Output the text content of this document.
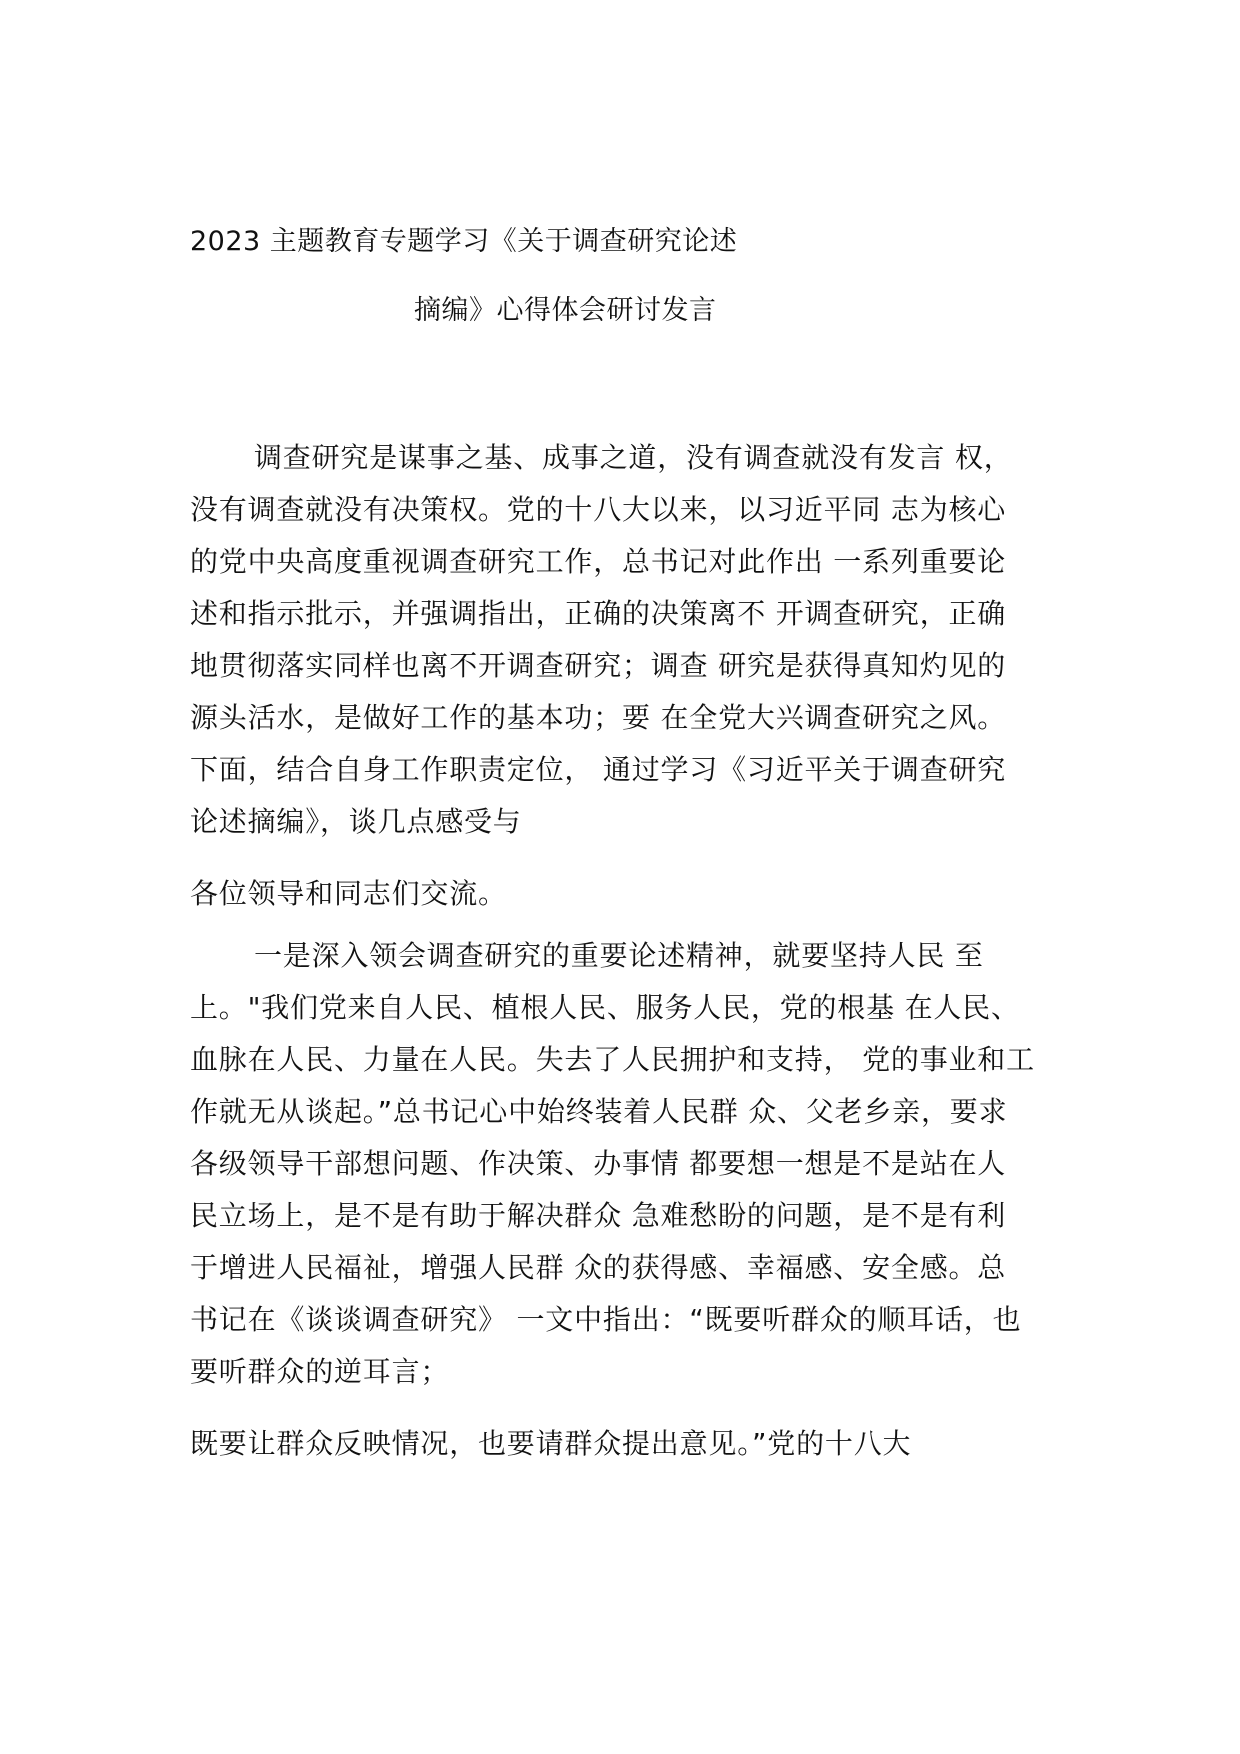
2023 主题教育专题学习《关于调查研究论述
摘编》心得体会研讨发言
调查研究是谋事之基、成事之道，没有调查就没有发言 权，
没有调查就没有决策权。党的十八大以来，以习近平同 志为核心
的党中央高度重视调查研究工作，总书记对此作出 一系列重要论
述和指示批示，并强调指出，正确的决策离不 开调查研究，正确
地贯彻落实同样也离不开调查研究；调查 研究是获得真知灼见的
源头活水，是做好工作的基本功；要 在全党大兴调查研究之风。
下面，结合自身工作职责定位， 通过学习《习近平关于调查研究
论述摘编》，谈几点感受与
各位领导和同志们交流。
一是深入领会调查研究的重要论述精神，就要坚持人民 至
上。"我们党来自人民、植根人民、服务人民，党的根基 在人民、
血脉在人民、力量在人民。失去了人民拥护和支持， 党的事业和工
作就无从谈起。”总书记心中始终装着人民群 众、父老乡亲，要求
各级领导干部想问题、作决策、办事情 都要想一想是不是站在人
民立场上，是不是有助于解决群众 急难愁盼的问题，是不是有利
于增进人民福祉，增强人民群 众的获得感、幸福感、安全感。总
书记在《谈谈调查研究》 一文中指出：“既要听群众的顺耳话，也
要听群众的逆耳言；
既要让群众反映情况，也要请群众提出意见。”党的十八大
